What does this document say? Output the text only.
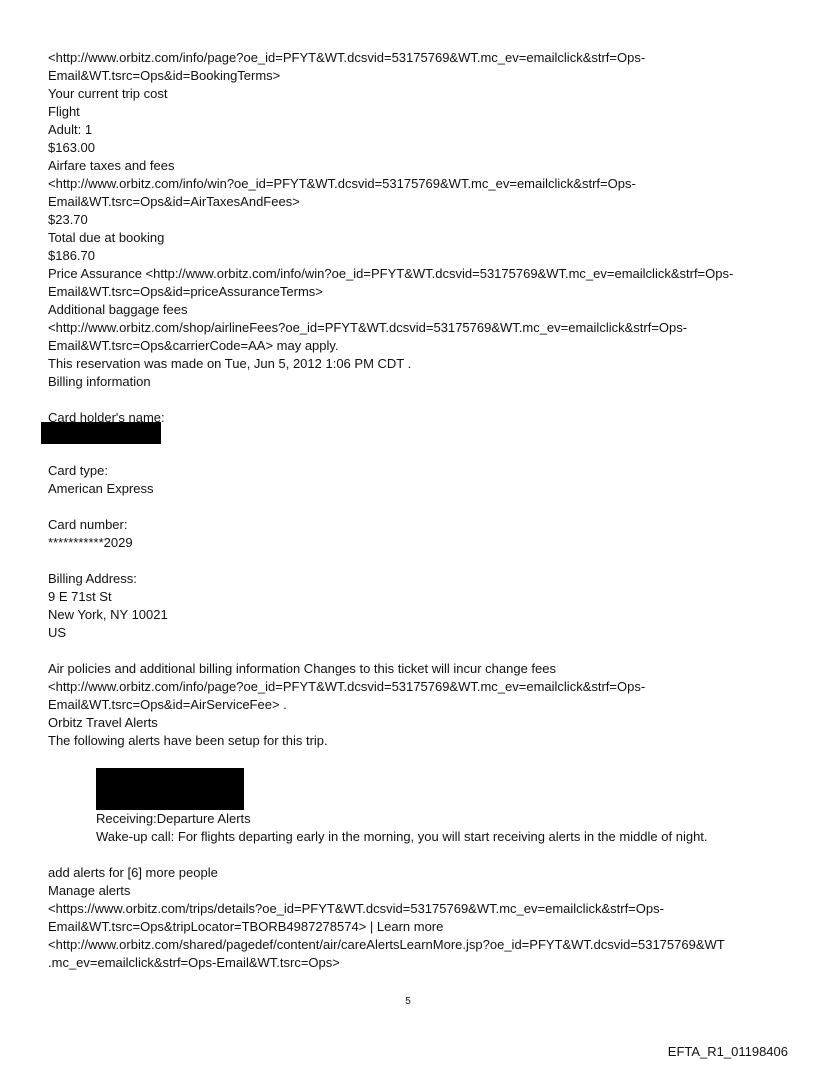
<http://www.orbitz.com/info/page?oe_id=PFYT&WT.dcsvid=53175769&WT.mc_ev=emailclick&strf=Ops-
Email&WT.tsrc=Ops&id=BookingTerms>
Your current trip cost
Flight
Adult: 1
$163.00
Airfare taxes and fees
<http://www.orbitz.com/info/win?oe_id=PFYT&WT.dcsvid=53175769&WT.mc_ev=emailclick&strf=Ops-
Email&WT.tsrc=Ops&id=AirTaxesAndFees>
$23.70
Total due at booking
$186.70
Price Assurance <http://www.orbitz.com/info/win?oe_id=PFYT&WT.dcsvid=53175769&WT.mc_ev=emailclick&strf=Ops-
Email&WT.tsrc=Ops&id=priceAssuranceTerms>
Additional baggage fees
<http://www.orbitz.com/shop/airlineFees?oe_id=PFYT&WT.dcsvid=53175769&WT.mc_ev=emailclick&strf=Ops-
Email&WT.tsrc=Ops&carrierCode=AA> may apply.
This reservation was made on Tue, Jun 5, 2012 1:06 PM CDT .
Billing information
Card holder's name:
Card type:
American Express
Card number:
***********2029
Billing Address:
9 E 71st St
New York, NY 10021
US
Air policies and additional billing information Changes to this ticket will incur change fees
<http://www.orbitz.com/info/page?oe_id=PFYT&WT.dcsvid=53175769&WT.mc_ev=emailclick&strf=Ops-
Email&WT.tsrc=Ops&id=AirServiceFee> .
Orbitz Travel Alerts
The following alerts have been setup for this trip.
Receiving:Departure Alerts
Wake-up call: For flights departing early in the morning, you will start receiving alerts in the middle of night.
add alerts for [6] more people
Manage alerts
<https://www.orbitz.com/trips/details?oe_id=PFYT&WT.dcsvid=53175769&WT.mc_ev=emailclick&strf=Ops-
Email&WT.tsrc=Ops&tripLocator=TBORB4987278574> | Learn more
<http://www.orbitz.com/shared/pagedef/content/air/careAlertsLearnMore.jsp?oe_id=PFYT&WT.dcsvid=53175769&WT
.mc_ev=emailclick&strf=Ops-Email&WT.tsrc=Ops>
5
EFTA_R1_01198406
